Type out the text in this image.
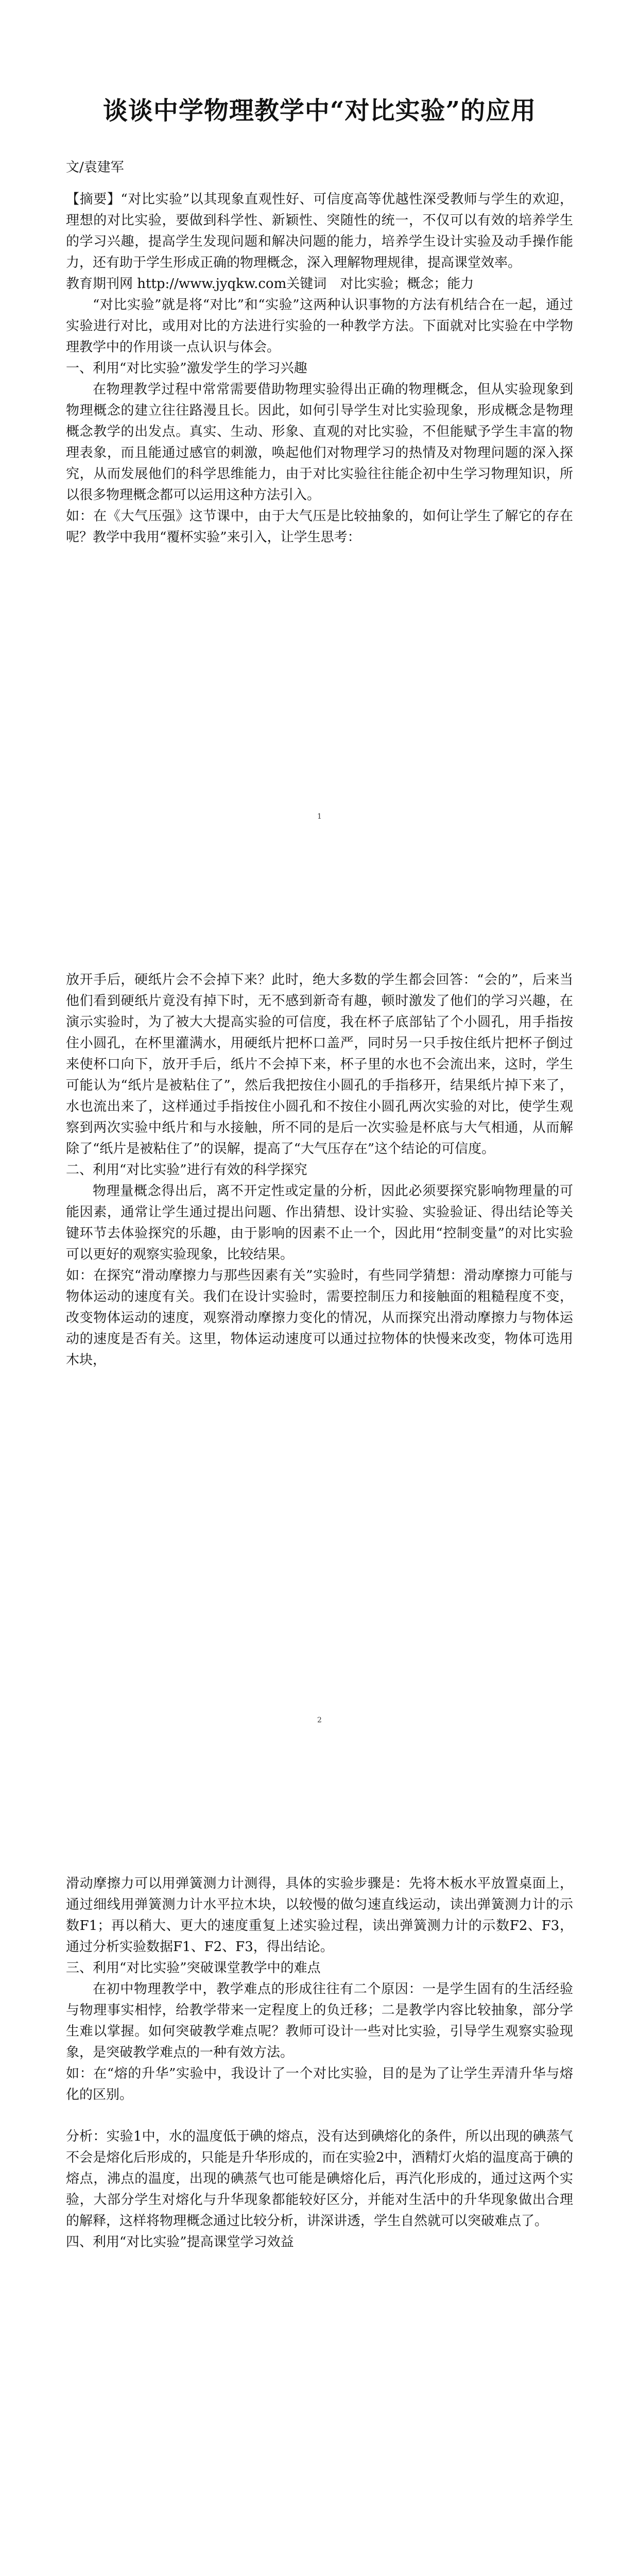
谈谈中学物理教学中“对比实验”的应用

文/袁建军

【摘要】“对比实验”以其现象直观性好、可信度高等优越性深受教师与学生的欢迎，理想的对比实验，要做到科学性、新颖性、突随性的统一，不仅可以有效的培养学生的学习兴趣，提高学生发现问题和解决问题的能力，培养学生设计实验及动手操作能力，还有助于学生形成正确的物理概念，深入理解物理规律，提高课堂效率。

教育期刊网 http://www.jyqkw.com关键词　对比实验；概念；能力

“对比实验”就是将“对比”和“实验”这两种认识事物的方法有机结合在一起，通过实验进行对比，或用对比的方法进行实验的一种教学方法。下面就对比实验在中学物理教学中的作用谈一点认识与体会。

一、利用“对比实验”激发学生的学习兴趣

在物理教学过程中常常需要借助物理实验得出正确的物理概念，但从实验现象到物理概念的建立往往路漫且长。因此，如何引导学生对比实验现象，形成概念是物理概念教学的出发点。真实、生动、形象、直观的对比实验，不但能赋予学生丰富的物理表象，而且能通过感官的刺激，唤起他们对物理学习的热情及对物理问题的深入探究，从而发展他们的科学思维能力，由于对比实验往往能企初中生学习物理知识，所以很多物理概念都可以运用这种方法引入。

如：在《大气压强》这节课中，由于大气压是比较抽象的，如何让学生了解它的存在呢？教学中我用“覆杯实验”来引入，让学生思考：

1

放开手后，硬纸片会不会掉下来？此时，绝大多数的学生都会回答：“会的”，后来当他们看到硬纸片竟没有掉下时，无不感到新奇有趣，顿时激发了他们的学习兴趣，在演示实验时，为了被大大提高实验的可信度，我在杯子底部钻了个小圆孔，用手指按住小圆孔，在杯里灌满水，用硬纸片把杯口盖严，同时另一只手按住纸片把杯子倒过来使杯口向下，放开手后，纸片不会掉下来，杯子里的水也不会流出来，这时，学生可能认为“纸片是被粘住了”，然后我把按住小圆孔的手指移开，结果纸片掉下来了，水也流出来了，这样通过手指按住小圆孔和不按住小圆孔两次实验的对比，使学生观察到两次实验中纸片和与水接触，所不同的是后一次实验是杯底与大气相通，从而解除了“纸片是被粘住了”的误解，提高了“大气压存在”这个结论的可信度。

二、利用“对比实验”进行有效的科学探究

物理量概念得出后，离不开定性或定量的分析，因此必须要探究影响物理量的可能因素，通常让学生通过提出问题、作出猜想、设计实验、实验验证、得出结论等关键环节去体验探究的乐趣，由于影响的因素不止一个，因此用“控制变量”的对比实验可以更好的观察实验现象，比较结果。

如：在探究“滑动摩擦力与那些因素有关”实验时，有些同学猜想：滑动摩擦力可能与物体运动的速度有关。我们在设计实验时，需要控制压力和接触面的粗糙程度不变，改变物体运动的速度，观察滑动摩擦力变化的情况，从而探究出滑动摩擦力与物体运动的速度是否有关。这里，物体运动速度可以通过拉物体的快慢来改变，物体可选用木块，

2

滑动摩擦力可以用弹簧测力计测得，具体的实验步骤是：先将木板水平放置桌面上，通过细线用弹簧测力计水平拉木块，以较慢的做匀速直线运动，读出弹簧测力计的示数F1；再以稍大、更大的速度重复上述实验过程，读出弹簧测力计的示数F2、F3，通过分析实验数据F1、F2、F3，得出结论。

三、利用“对比实验”突破课堂教学中的难点

在初中物理教学中，教学难点的形成往往有二个原因：一是学生固有的生活经验与物理事实相悖，给教学带来一定程度上的负迁移；二是教学内容比较抽象，部分学生难以掌握。如何突破教学难点呢？教师可设计一些对比实验，引导学生观察实验现象，是突破教学难点的一种有效方法。

如：在“熔的升华”实验中，我设计了一个对比实验，目的是为了让学生弄清升华与熔化的区别。

分析：实验1中，水的温度低于碘的熔点，没有达到碘熔化的条件，所以出现的碘蒸气不会是熔化后形成的，只能是升华形成的，而在实验2中，酒精灯火焰的温度高于碘的熔点，沸点的温度，出现的碘蒸气也可能是碘熔化后，再汽化形成的，通过这两个实验，大部分学生对熔化与升华现象都能较好区分，并能对生活中的升华现象做出合理的解释，这样将物理概念通过比较分析，讲深讲透，学生自然就可以突破难点了。

四、利用“对比实验”提高课堂学习效益
